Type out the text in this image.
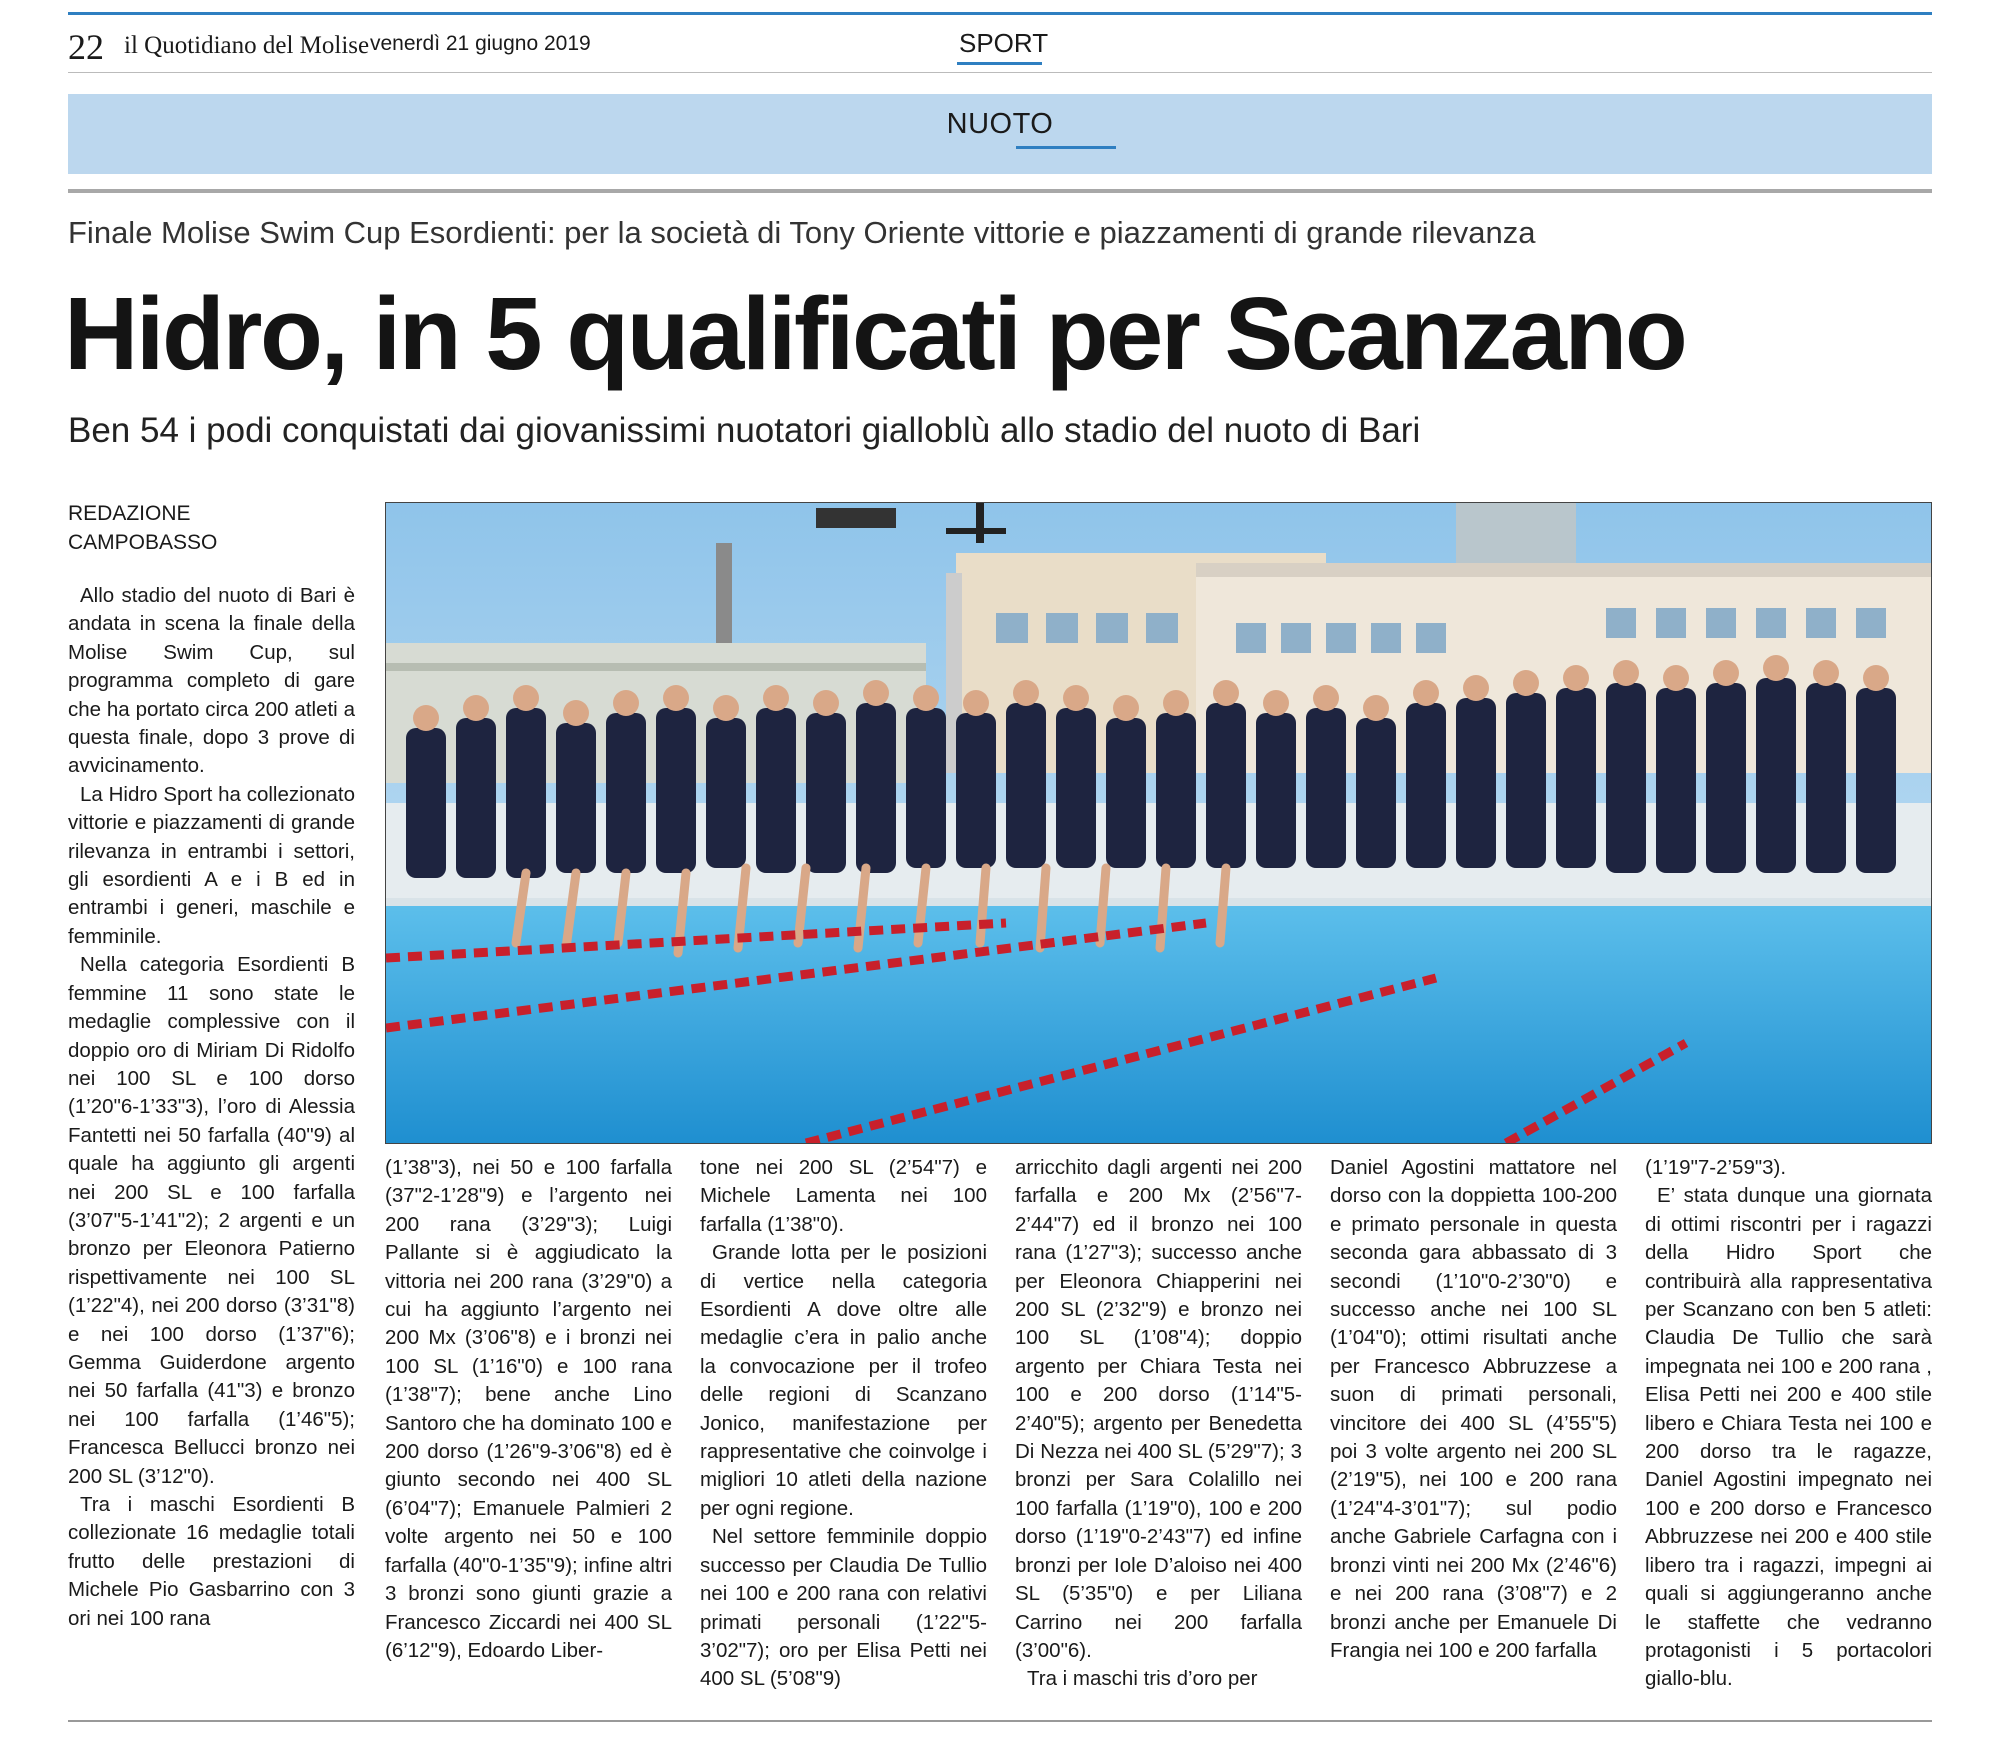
22 il Quotidiano del Molise venerdì 21 giugno 2019	SPORT
NUOTO
Finale Molise Swim Cup Esordienti: per la società di Tony Oriente vittorie e piazzamenti di grande rilevanza
Hidro, in 5 qualificati per Scanzano
Ben 54 i podi conquistati dai giovanissimi nuotatori gialloblù allo stadio del nuoto di Bari
REDAZIONE
CAMPOBASSO

Allo stadio del nuoto di Bari è andata in scena la finale della Molise Swim Cup, sul programma completo di gare che ha portato circa 200 atleti a questa finale, dopo 3 prove di avvicinamento.

La Hidro Sport ha collezionato vittorie e piazzamenti di grande rilevanza in entrambi i settori, gli esordienti A e i B ed in entrambi i generi, maschile e femminile.

Nella categoria Esordienti B femmine 11 sono state le medaglie complessive con il doppio oro di Miriam Di Ridolfo nei 100 SL e 100 dorso (1’20"6-1’33"3), l’oro di Alessia Fantetti nei 50 farfalla (40"9) al quale ha aggiunto gli argenti nei 200 SL e 100 farfalla (3’07"5-1’41"2); 2 argenti e un bronzo per Eleonora Patierno rispettivamente nei 100 SL (1’22"4), nei 200 dorso (3’31"8) e nei 100 dorso (1’37"6); Gemma Guiderdone argento nei 50 farfalla (41"3) e bronzo nei 100 farfalla (1’46"5); Francesca Bellucci bronzo nei 200 SL (3’12"0).

Tra i maschi Esordienti B collezionate 16 medaglie totali frutto delle prestazioni di Michele Pio Gasbarrino con 3 ori nei 100 rana

(1’38"3), nei 50 e 100 farfalla (37"2-1’28"9) e l’argento nei 200 rana (3’29"3); Luigi Pallante si è aggiudicato la vittoria nei 200 rana (3’29"0) a cui ha aggiunto l’argento nei 200 Mx (3’06"8) e i bronzi nei 100 SL (1’16"0) e 100 rana (1’38"7); bene anche Lino Santoro che ha dominato 100 e 200 dorso (1’26"9-3’06"8) ed è giunto secondo nei 400 SL (6’04"7); Emanuele Palmieri 2 volte argento nei 50 e 100 farfalla (40"0-1’35"9); infine altri 3 bronzi sono giunti grazie a Francesco Ziccardi nei 400 SL (6’12"9), Edoardo Liber-

tone nei 200 SL (2’54"7) e Michele Lamenta nei 100 farfalla (1’38"0).

Grande lotta per le posizioni di vertice nella categoria Esordienti A dove oltre alle medaglie c’era in palio anche la convocazione per il trofeo delle regioni di Scanzano Jonico, manifestazione per rappresentative che coinvolge i migliori 10 atleti della nazione per ogni regione.

Nel settore femminile doppio successo per Claudia De Tullio nei 100 e 200 rana con relativi primati personali (1’22"5-3’02"7); oro per Elisa Petti nei 400 SL (5’08"9)

arricchito dagli argenti nei 200 farfalla e 200 Mx (2’56"7-2’44"7) ed il bronzo nei 100 rana (1’27"3); successo anche per Eleonora Chiapperini nei 200 SL (2’32"9) e bronzo nei 100 SL (1’08"4); doppio argento per Chiara Testa nei 100 e 200 dorso (1’14"5-2’40"5); argento per Benedetta Di Nezza nei 400 SL (5’29"7); 3 bronzi per Sara Colalillo nei 100 farfalla (1’19"0), 100 e 200 dorso (1’19"0-2’43"7) ed infine bronzi per Iole D’aloiso nei 400 SL (5’35"0) e per Liliana Carrino nei 200 farfalla (3’00"6).

Tra i maschi tris d’oro per

Daniel Agostini mattatore nel dorso con la doppietta 100-200 e primato personale in questa seconda gara abbassato di 3 secondi (1’10"0-2’30"0) e successo anche nei 100 SL (1’04"0); ottimi risultati anche per Francesco Abbruzzese a suon di primati personali, vincitore dei 400 SL (4’55"5) poi 3 volte argento nei 200 SL (2’19"5), nei 100 e 200 rana (1’24"4-3’01"7); sul podio anche Gabriele Carfagna con i bronzi vinti nei 200 Mx (2’46"6) e nei 200 rana (3’08"7) e 2 bronzi anche per Emanuele Di Frangia nei 100 e 200 farfalla

(1’19"7-2’59"3).

E’ stata dunque una giornata di ottimi riscontri per i ragazzi della Hidro Sport che contribuirà alla rappresentativa per Scanzano con ben 5 atleti: Claudia De Tullio che sarà impegnata nei 100 e 200 rana , Elisa Petti nei 200 e 400 stile libero e Chiara Testa nei 100 e 200 dorso tra le ragazze, Daniel Agostini impegnato nei 100 e 200 dorso e Francesco Abbruzzese nei 200 e 400 stile libero tra i ragazzi, impegni ai quali si aggiungeranno anche le staffette che vedranno protagonisti i 5 portacolori giallo-blu.
